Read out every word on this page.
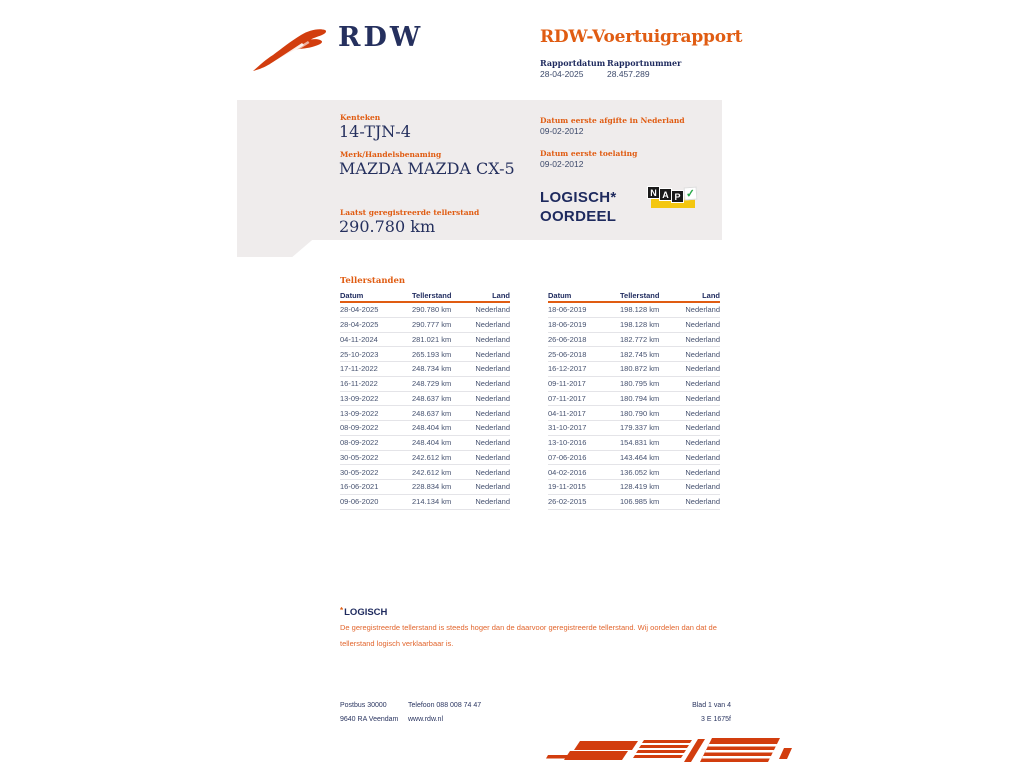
RDW	RDW-Voertuigrapport
Rapportdatum
28-04-2025
Rapportnummer
28.457.289
Kenteken
14-TJN-4
Merk/Handelsbenaming
MAZDA MAZDA CX-5
Laatst geregistreerde tellerstand
290.780 km
Datum eerste afgifte in Nederland
09-02-2012
Datum eerste toelating
09-02-2012
LOGISCH*
OORDEEL
N A P ✓
Tellerstanden
Datum	Tellerstand	Land
28-04-2025	290.780 km	Nederland
28-04-2025	290.777 km	Nederland
04-11-2024	281.021 km	Nederland
25-10-2023	265.193 km	Nederland
17-11-2022	248.734 km	Nederland
16-11-2022	248.729 km	Nederland
13-09-2022	248.637 km	Nederland
13-09-2022	248.637 km	Nederland
08-09-2022	248.404 km	Nederland
08-09-2022	248.404 km	Nederland
30-05-2022	242.612 km	Nederland
30-05-2022	242.612 km	Nederland
16-06-2021	228.834 km	Nederland
09-06-2020	214.134 km	Nederland
Datum	Tellerstand	Land
18-06-2019	198.128 km	Nederland
18-06-2019	198.128 km	Nederland
26-06-2018	182.772 km	Nederland
25-06-2018	182.745 km	Nederland
16-12-2017	180.872 km	Nederland
09-11-2017	180.795 km	Nederland
07-11-2017	180.794 km	Nederland
04-11-2017	180.790 km	Nederland
31-10-2017	179.337 km	Nederland
13-10-2016	154.831 km	Nederland
07-06-2016	143.464 km	Nederland
04-02-2016	136.052 km	Nederland
19-11-2015	128.419 km	Nederland
26-02-2015	106.985 km	Nederland
*LOGISCH
De geregistreerde tellerstand is steeds hoger dan de daarvoor geregistreerde tellerstand. Wij oordelen dan dat de tellerstand logisch verklaarbaar is.
Postbus 30000
9640 RA Veendam
Telefoon 088 008 74 47
www.rdw.nl
Blad 1 van 4
3 E 1675f
